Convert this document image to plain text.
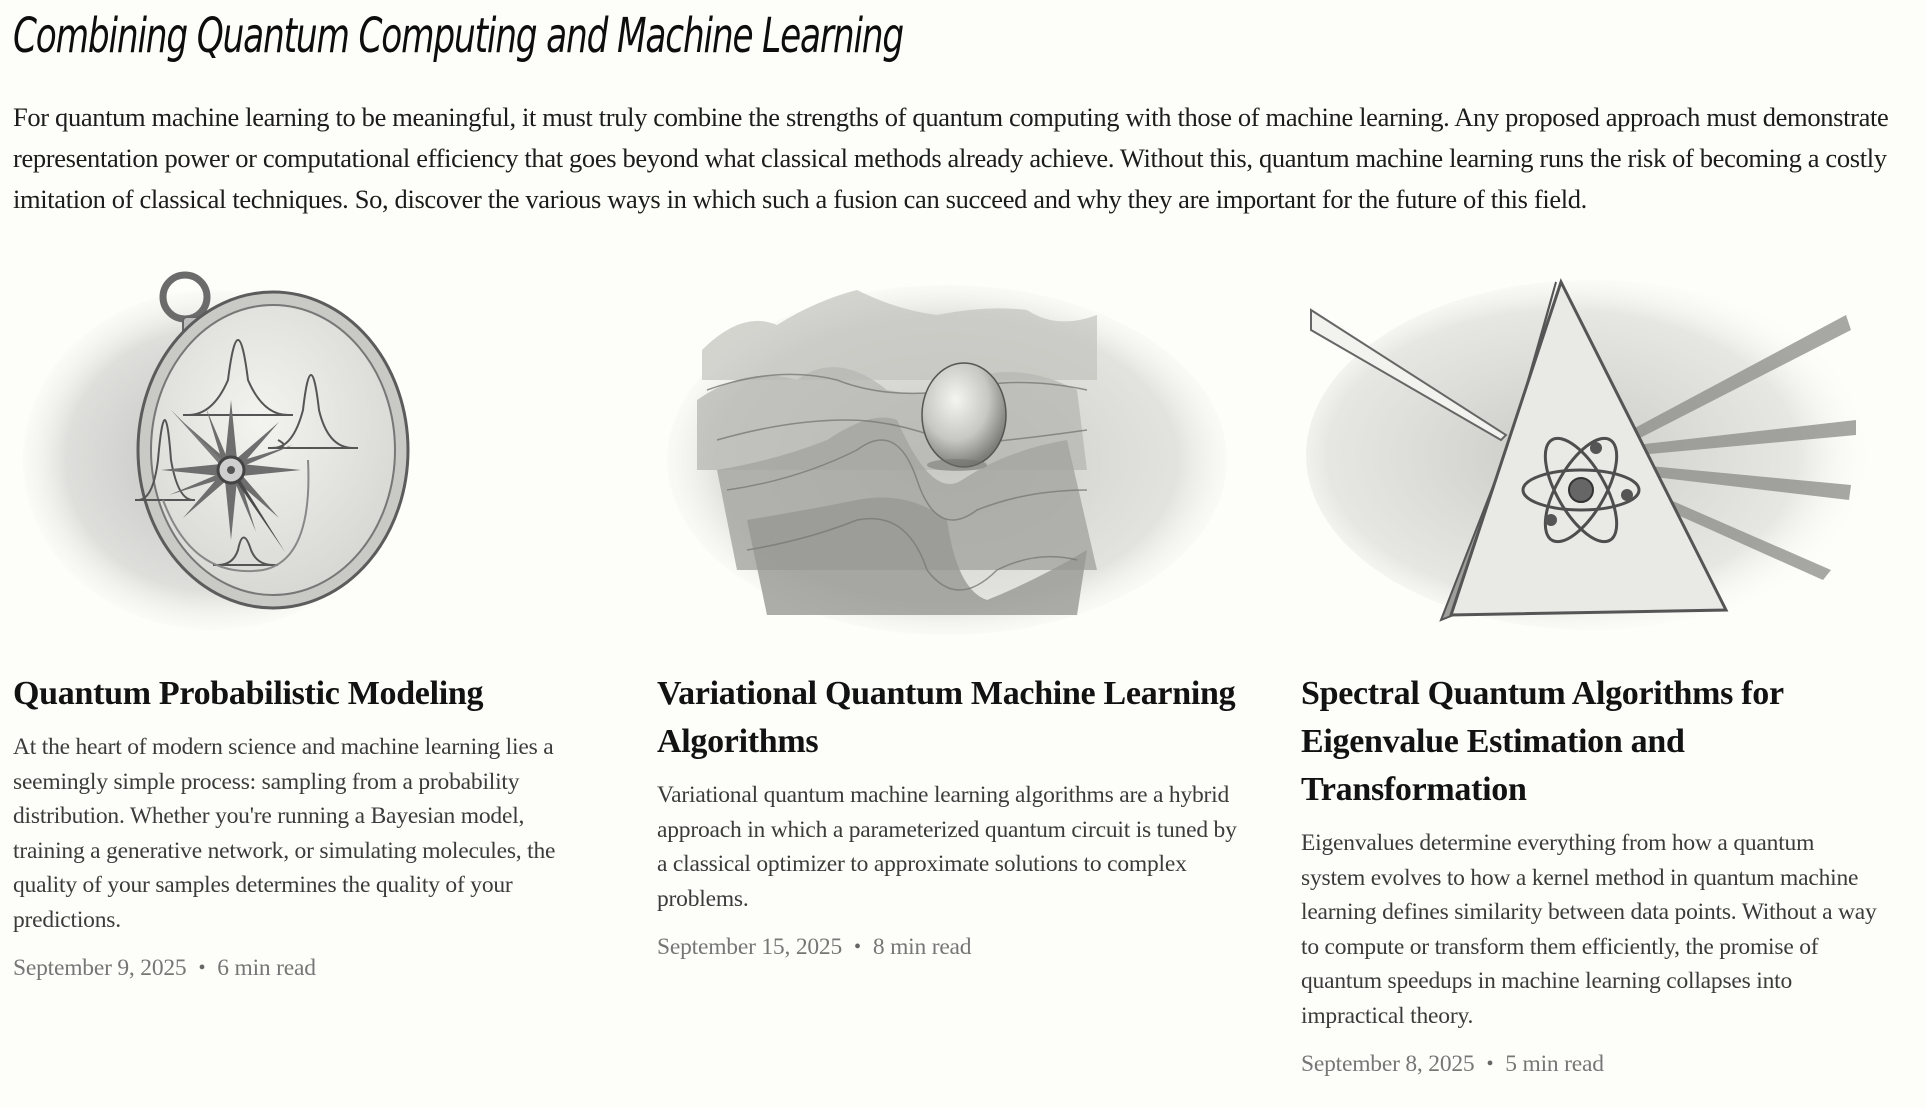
Combining Quantum Computing and Machine Learning

For quantum machine learning to be meaningful, it must truly combine the strengths of quantum computing with those of machine learning. Any proposed approach must demonstrate representation power or computational efficiency that goes beyond what classical methods already achieve. Without this, quantum machine learning runs the risk of becoming a costly imitation of classical techniques. So, discover the various ways in which such a fusion can succeed and why they are important for the future of this field.

Quantum Probabilistic Modeling

At the heart of modern science and machine learning lies a seemingly simple process: sampling from a probability distribution. Whether you're running a Bayesian model, training a generative network, or simulating molecules, the quality of your samples determines the quality of your predictions.

September 9, 2025 • 6 min read
Variational Quantum Machine Learning Algorithms

Variational quantum machine learning algorithms are a hybrid approach in which a parameterized quantum circuit is tuned by a classical optimizer to approximate solutions to complex problems.

September 15, 2025 • 8 min read
Spectral Quantum Algorithms for Eigenvalue Estimation and Transformation

Eigenvalues determine everything from how a quantum system evolves to how a kernel method in quantum machine learning defines similarity between data points. Without a way to compute or transform them efficiently, the promise of quantum speedups in machine learning collapses into impractical theory.

September 8, 2025 • 5 min read
